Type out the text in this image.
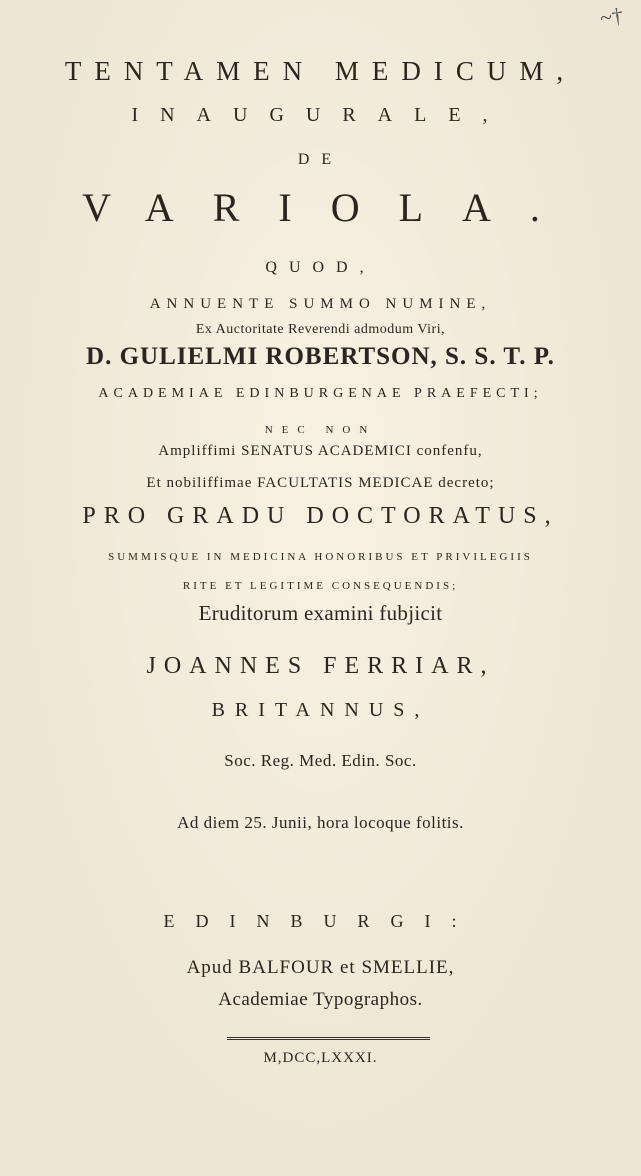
~†
TENTAMEN MEDICUM,
INAUGURALE,
DE
VARIOLA.
QUOD,
ANNUENTE SUMMO NUMINE,
Ex Auctoritate Reverendi admodum Viri,
D. GULIELMI ROBERTSON, S. S. T. P.
ACADEMIAE EDINBURGENAE PRAEFECTI;
NEC NON
Ampliffimi SENATUS ACADEMICI confenfu,
Et nobiliffimae FACULTATIS MEDICAE decreto;
PRO GRADU DOCTORATUS,
SUMMISQUE IN MEDICINA HONORIBUS ET PRIVILEGIIS
RITE ET LEGITIME CONSEQUENDIS;
Eruditorum examini fubjicit
JOANNES FERRIAR,
BRITANNUS,
Soc. Reg. Med. Edin. Soc.
Ad diem 25. Junii, hora locoque folitis.
EDINBURGI:
Apud BALFOUR et SMELLIE,
Academiae Typographos.
M,DCC,LXXXI.
